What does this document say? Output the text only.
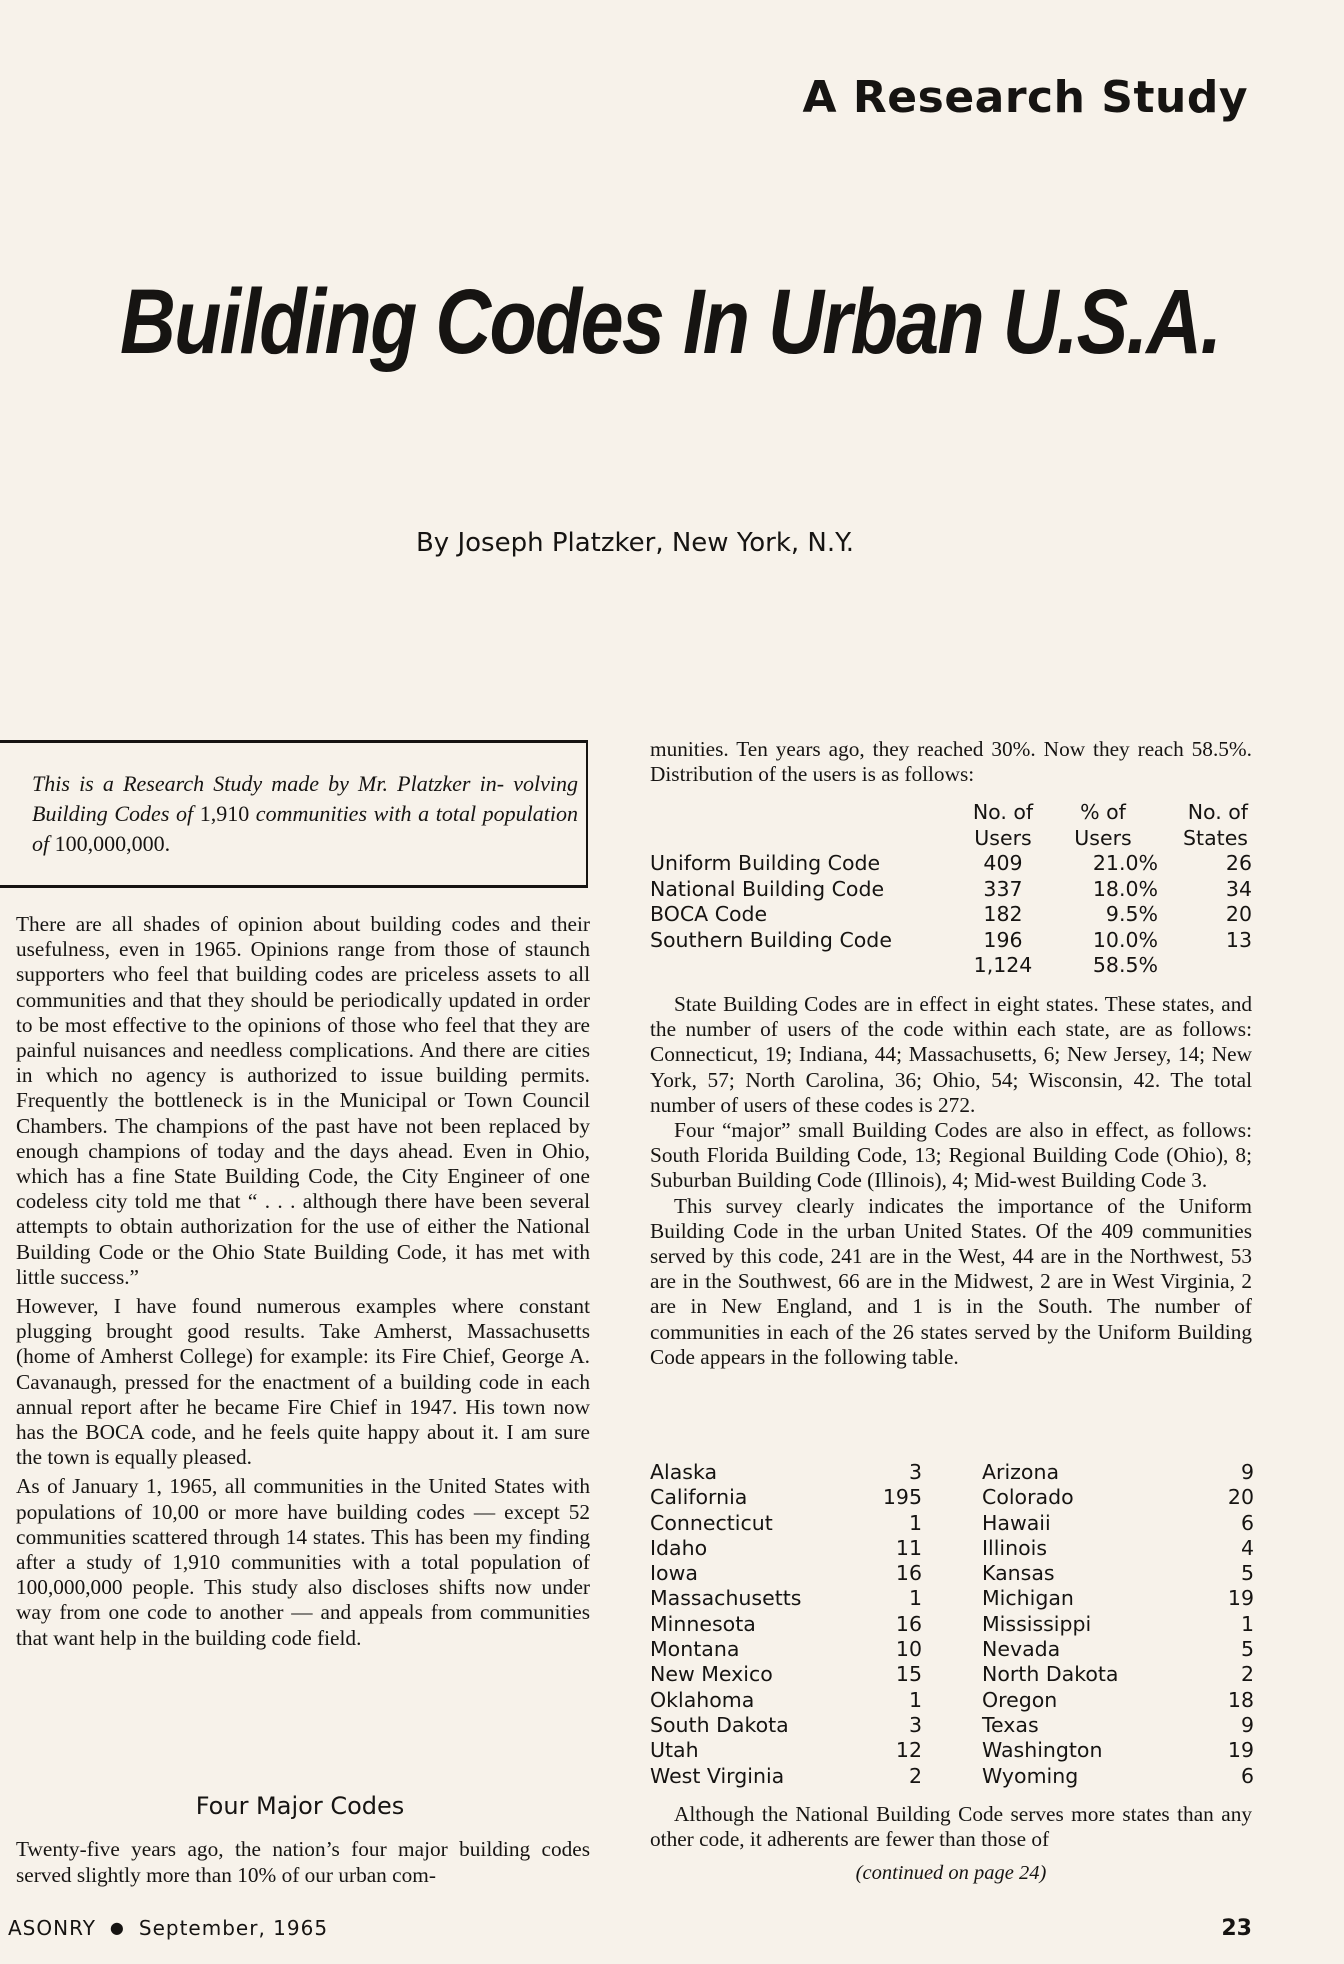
A Research Study
Building Codes In Urban U.S.A.
By Joseph Platzker, New York, N.Y.
This is a Research Study made by Mr. Platzker in- volving Building Codes of 1,910 communities with a total population of 100,000,000.

There are all shades of opinion about building codes and their usefulness, even in 1965. Opinions range from those of staunch supporters who feel that building codes are priceless assets to all communities and that they should be periodically updated in order to be most effective to the opinions of those who feel that they are painful nuisances and needless complications. And there are cities in which no agency is authorized to issue building permits. Frequently the bottleneck is in the Municipal or Town Council Chambers. The champions of the past have not been replaced by enough champions of today and the days ahead. Even in Ohio, which has a fine State Building Code, the City Engineer of one codeless city told me that “ . . . although there have been several attempts to obtain authorization for the use of either the National Building Code or the Ohio State Building Code, it has met with little success.”

However, I have found numerous examples where constant plugging brought good results. Take Amherst, Massachusetts (home of Amherst College) for example: its Fire Chief, George A. Cavanaugh, pressed for the enactment of a building code in each annual report after he became Fire Chief in 1947. His town now has the BOCA code, and he feels quite happy about it. I am sure the town is equally pleased.

As of January 1, 1965, all communities in the United States with populations of 10,00 or more have building codes — except 52 communities scattered through 14 states. This has been my finding after a study of 1,910 communities with a total population of 100,000,000 people. This study also discloses shifts now under way from one code to another — and appeals from communities that want help in the building code field.

Four Major Codes

Twenty-five years ago, the nation’s four major building codes served slightly more than 10% of our urban com-

munities. Ten years ago, they reached 30%. Now they reach 58.5%. Distribution of the users is as follows:

No. of
Users
% of
Users
No. of
States
Uniform Building Code	409	21.0%	26
National Building Code	337	18.0%	34
BOCA Code	182	9.5%	20
Southern Building Code	196	10.0%	13
1,124	58.5%

State Building Codes are in effect in eight states. These states, and the number of users of the code within each state, are as follows: Connecticut, 19; Indiana, 44; Massachusetts, 6; New Jersey, 14; New York, 57; North Carolina, 36; Ohio, 54; Wisconsin, 42. The total number of users of these codes is 272.

Four “major” small Building Codes are also in effect, as follows: South Florida Building Code, 13; Regional Building Code (Ohio), 8; Suburban Building Code (Illinois), 4; Mid-west Building Code 3.

This survey clearly indicates the importance of the Uniform Building Code in the urban United States. Of the 409 communities served by this code, 241 are in the West, 44 are in the Northwest, 53 are in the Southwest, 66 are in the Midwest, 2 are in West Virginia, 2 are in New England, and 1 is in the South. The number of communities in each of the 26 states served by the Uniform Building Code appears in the following table.

Alaska	3
California	195
Connecticut	1
Idaho	11
Iowa	16
Massachusetts	1
Minnesota	16
Montana	10
New Mexico	15
Oklahoma	1
South Dakota	3
Utah	12
West Virginia	2
Arizona	9
Colorado	20
Hawaii	6
Illinois	4
Kansas	5
Michigan	19
Mississippi	1
Nevada	5
North Dakota	2
Oregon	18
Texas	9
Washington	19
Wyoming	6

Although the National Building Code serves more states than any other code, it adherents are fewer than those of

(continued on page 24)
ASONRY ● September, 1965	23
